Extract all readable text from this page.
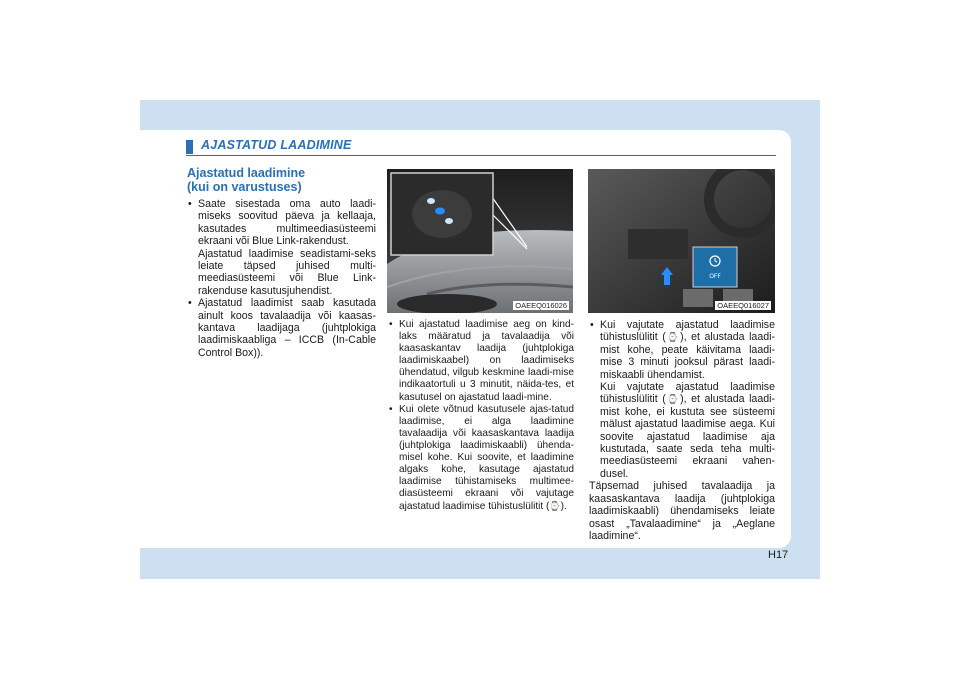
AJASTATUD LAADIMINE
Ajastatud laadimine
(kui on varustuses)

• Saate sisestada oma auto laadi-miseks soovitud päeva ja kellaaja, kasutades multimeediasüsteemi ekraani või Blue Link-rakendust.

Ajastatud laadimise seadistami-seks leiate täpsed juhised multi-meediasüsteemi või Blue Link-rakenduse kasutusjuhendist.

• Ajastatud laadimist saab kasutada ainult koos tavalaadija või kaasas-kantava laadijaga (juhtplokiga laadimiskaabliga – ICCB (In-Cable Control Box)).

OAEEQ016026
OFF
OAEEQ016027

• Kui ajastatud laadimise aeg on kind-laks määratud ja tavalaadija või kaasaskantav laadija (juhtplokiga laadimiskaabel) on laadimiseks ühendatud, vilgub keskmine laadi-mise indikaatortuli u 3 minutit, näida-tes, et kasutusel on ajastatud laadi-mine.

• Kui olete võtnud kasutusele ajas-tatud laadimise, ei alga laadimine tavalaadija või kaasaskantava laadija (juhtplokiga laadimiskaabli) ühenda-misel kohe. Kui soovite, et laadimine algaks kohe, kasutage ajastatud laadimise tühistamiseks multimee-diasüsteemi ekraani või vajutage ajastatud laadimise tühistuslülitit (⌚).

• Kui vajutate ajastatud laadimise tühistuslülitit (⌚), et alustada laadi-mist kohe, peate käivitama laadi-mise 3 minuti jooksul pärast laadi-miskaabli ühendamist.

Kui vajutate ajastatud laadimise tühistuslülitit (⌚), et alustada laadi-mist kohe, ei kustuta see süsteemi mälust ajastatud laadimise aega. Kui soovite ajastatud laadimise aja kustutada, saate seda teha multi-meediasüsteemi ekraani vahen-dusel.

Täpsemad juhised tavalaadija ja kaasaskantava laadija (juhtplokiga laadimiskaabli) ühendamiseks leiate osast „Tavalaadimine“ ja „Aeglane laadimine“.

H17
